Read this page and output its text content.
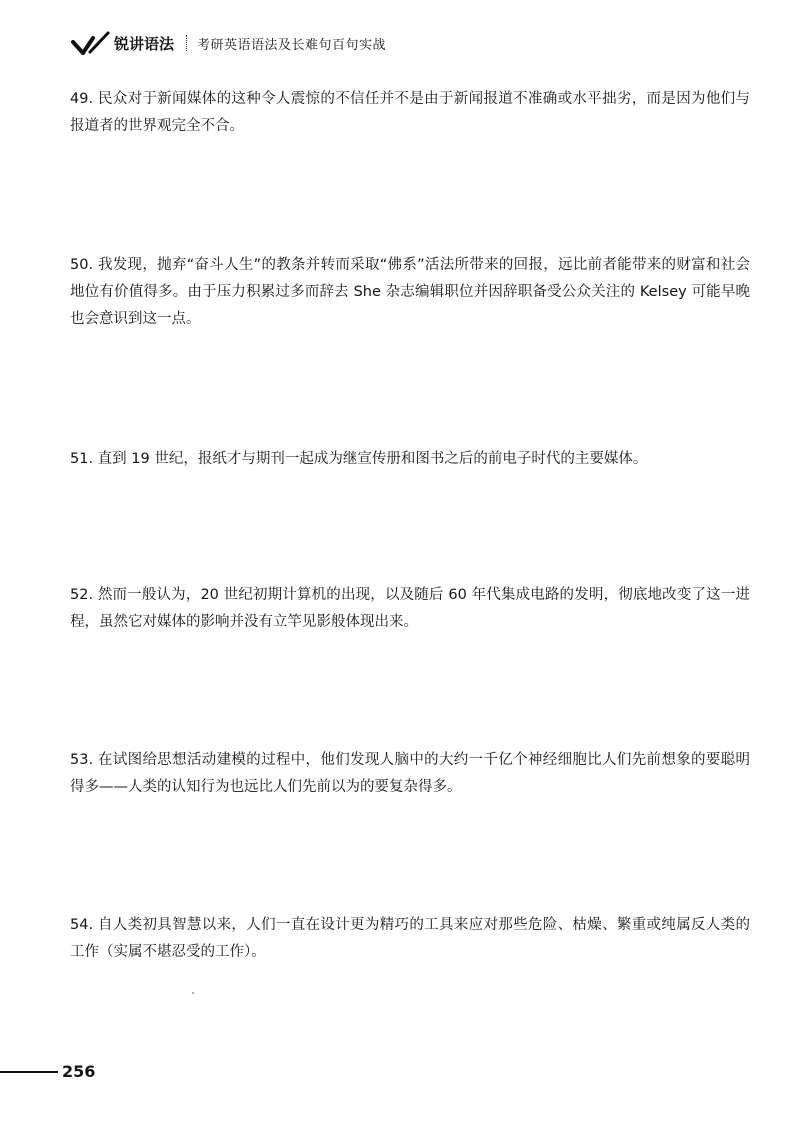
锐讲语法 考研英语语法及长难句百句实战

49. 民众对于新闻媒体的这种令人震惊的不信任并不是由于新闻报道不准确或水平拙劣，而是因为他们与报道者的世界观完全不合。

50. 我发现，抛弃“奋斗人生”的教条并转而采取“佛系”活法所带来的回报，远比前者能带来的财富和社会地位有价值得多。由于压力积累过多而辞去 She 杂志编辑职位并因辞职备受公众关注的 Kelsey 可能早晚也会意识到这一点。

51. 直到 19 世纪，报纸才与期刊一起成为继宣传册和图书之后的前电子时代的主要媒体。

52. 然而一般认为，20 世纪初期计算机的出现，以及随后 60 年代集成电路的发明，彻底地改变了这一进程，虽然它对媒体的影响并没有立竿见影般体现出来。

53. 在试图给思想活动建模的过程中，他们发现人脑中的大约一千亿个神经细胞比人们先前想象的要聪明得多——人类的认知行为也远比人们先前以为的要复杂得多。

54. 自人类初具智慧以来，人们一直在设计更为精巧的工具来应对那些危险、枯燥、繁重或纯属反人类的工作（实属不堪忍受的工作）。

256
